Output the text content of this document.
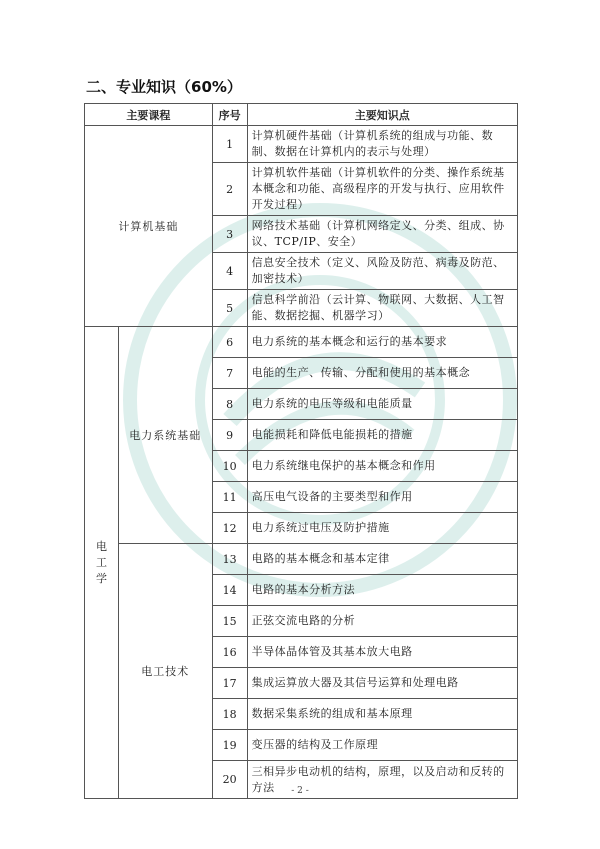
二、专业知识（60%）
主要课程		序号	主要知识点
计算机基础		1	计算机硬件基础（计算机系统的组成与功能、数制、数据在计算机内的表示与处理）
		2	计算机软件基础（计算机软件的分类、操作系统基本概念和功能、高级程序的开发与执行、应用软件开发过程）
		3	网络技术基础（计算机网络定义、分类、组成、协议、TCP/IP、安全）
		4	信息安全技术（定义、风险及防范、病毒及防范、加密技术）
		5	信息科学前沿（云计算、物联网、大数据、人工智能、数据挖掘、机器学习）

电
工
学	电力系统基础	6	电力系统的基本概念和运行的基本要求
		7	电能的生产、传输、分配和使用的基本概念
		8	电力系统的电压等级和电能质量
		9	电能损耗和降低电能损耗的措施
		10	电力系统继电保护的基本概念和作用
		11	高压电气设备的主要类型和作用
		12	电力系统过电压及防护措施
	电工技术	13	电路的基本概念和基本定律
		14	电路的基本分析方法
		15	正弦交流电路的分析
		16	半导体晶体管及其基本放大电路
		17	集成运算放大器及其信号运算和处理电路
		18	数据采集系统的组成和基本原理
		19	变压器的结构及工作原理
		20	三相异步电动机的结构，原理，以及启动和反转的方法	- 2 -
